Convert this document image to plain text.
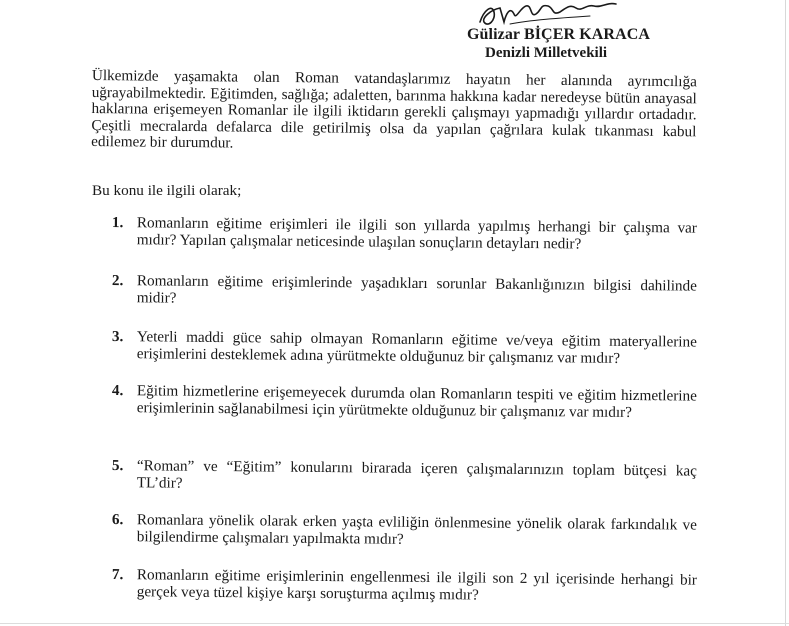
Gülizar BİÇER KARACA
Denizli Milletvekili

Ülkemizde yaşamakta olan Roman vatandaşlarımız hayatın her alanında ayrımcılığa uğrayabilmektedir. Eğitimden, sağlığa; adaletten, barınma hakkına kadar neredeyse bütün anayasal haklarına erişemeyen Romanlar ile ilgili iktidarın gerekli çalışmayı yapmadığı yıllardır ortadadır. Çeşitli mecralarda defalarca dile getirilmiş olsa da yapılan çağrılara kulak tıkanması kabul edilemez bir durumdur.

Bu konu ile ilgili olarak;
1. Romanların eğitime erişimleri ile ilgili son yıllarda yapılmış herhangi bir çalışma var mıdır? Yapılan çalışmalar neticesinde ulaşılan sonuçların detayları nedir?
2. Romanların eğitime erişimlerinde yaşadıkları sorunlar Bakanlığınızın bilgisi dahilinde midir?
3. Yeterli maddi güce sahip olmayan Romanların eğitime ve/veya eğitim materyallerine erişimlerini desteklemek adına yürütmekte olduğunuz bir çalışmanız var mıdır?
4. Eğitim hizmetlerine erişemeyecek durumda olan Romanların tespiti ve eğitim hizmetlerine erişimlerinin sağlanabilmesi için yürütmekte olduğunuz bir çalışmanız var mıdır?
5. “Roman” ve “Eğitim” konularını birarada içeren çalışmalarınızın toplam bütçesi kaç TL’dir?
6. Romanlara yönelik olarak erken yaşta evliliğin önlenmesine yönelik olarak farkındalık ve bilgilendirme çalışmaları yapılmakta mıdır?
7. Romanların eğitime erişimlerinin engellenmesi ile ilgili son 2 yıl içerisinde herhangi bir gerçek veya tüzel kişiye karşı soruşturma açılmış mıdır?
